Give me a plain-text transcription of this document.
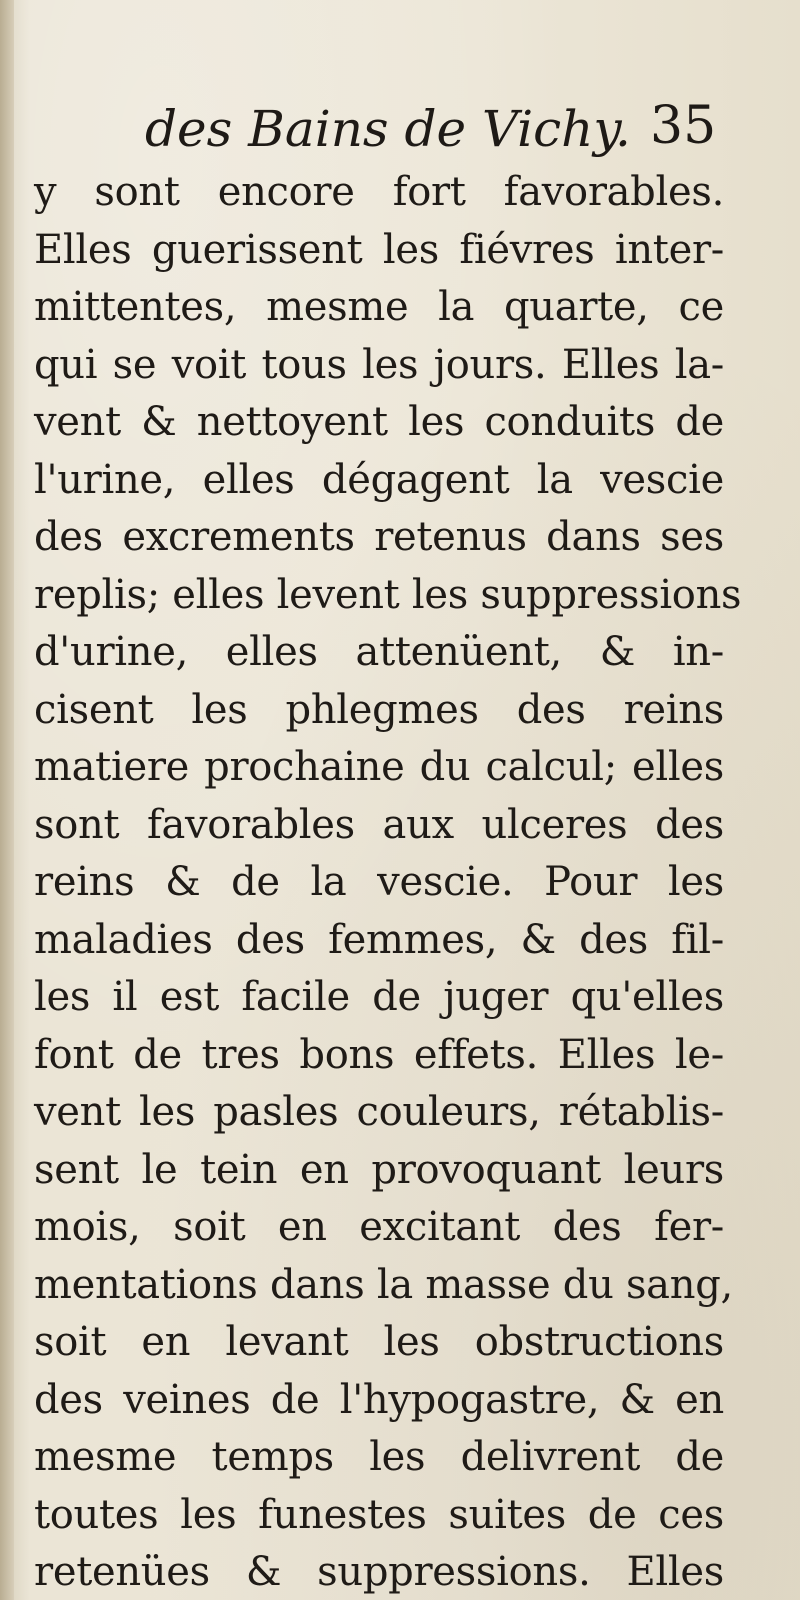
des Bains de Vichy. 35
y sont encore fort favorables.
Elles guerissent les fiévres inter-
mittentes, mesme la quarte, ce
qui se voit tous les jours. Elles la-
vent & nettoyent les conduits de
l'urine, elles dégagent la vescie
des excrements retenus dans ses
replis; elles levent les suppressions
d'urine, elles attenüent, & in-
cisent les phlegmes des reins
matiere prochaine du calcul; elles
sont favorables aux ulceres des
reins & de la vescie. Pour les
maladies des femmes, & des fil-
les il est facile de juger qu'elles
font de tres bons effets. Elles le-
vent les pasles couleurs, rétablis-
sent le tein en provoquant leurs
mois, soit en excitant des fer-
mentations dans la masse du sang,
soit en levant les obstructions
des veines de l'hypogastre, & en
mesme temps les delivrent de
toutes les funestes suites de ces
retenües & suppressions. Elles
